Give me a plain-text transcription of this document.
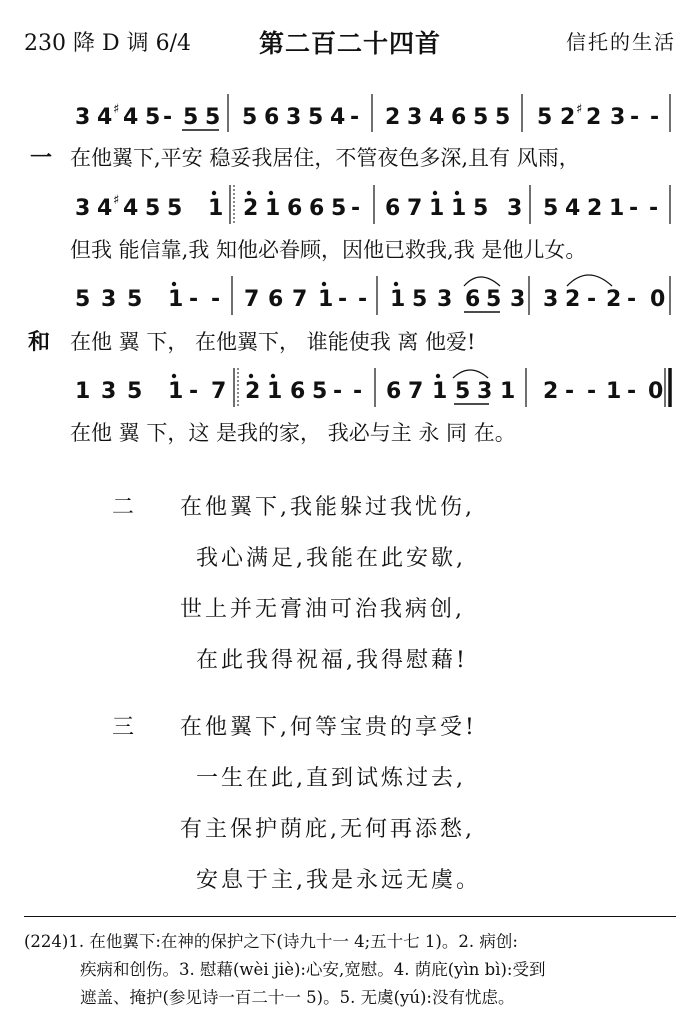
230 降 D 调 6/4	第二百二十四首	信托的生活
3 4 ♯ 4 5 - 5 5 5 6 3 5 4 - 2 3 4 6 5 5 5 2 ♯ 2 3 - -
一 在他翼下,平安 稳妥我居住，不管夜色多深,且有 风雨，
3 4 ♯ 4 5 5 1 2 1 6 6 5 - 6 7 1 1 5 3 5 4 2 1 - -
但我 能信靠,我 知他必眷顾，因他已救我,我 是他儿女。
5 3 5 1 - - 7 6 7 1 - - 1 5 3 6 5 3 3 2 - 2 - 0
和 在他 翼 下， 在他翼下， 谁能使我 离 他爱!
1 3 5 1 - 7 2 1 6 5 - - 6 7 1 5 3 1 2 - - 1 - 0
在他 翼 下，这 是我的家， 我必与主 永 同 在。
二 在他翼下,我能躲过我忧伤,
我心满足,我能在此安歇,
世上并无膏油可治我病创,
在此我得祝福,我得慰藉!
三 在他翼下,何等宝贵的享受!
一生在此,直到试炼过去,
有主保护荫庇,无何再添愁,
安息于主,我是永远无虞。

(224)1. 在他翼下:在神的保护之下(诗九十一 4;五十七 1)。2. 病创:

疾病和创伤。3. 慰藉(wèi jiè):心安,宽慰。4. 荫庇(yìn bì):受到

遮盖、掩护(参见诗一百二十一 5)。5. 无虞(yú):没有忧虑。
